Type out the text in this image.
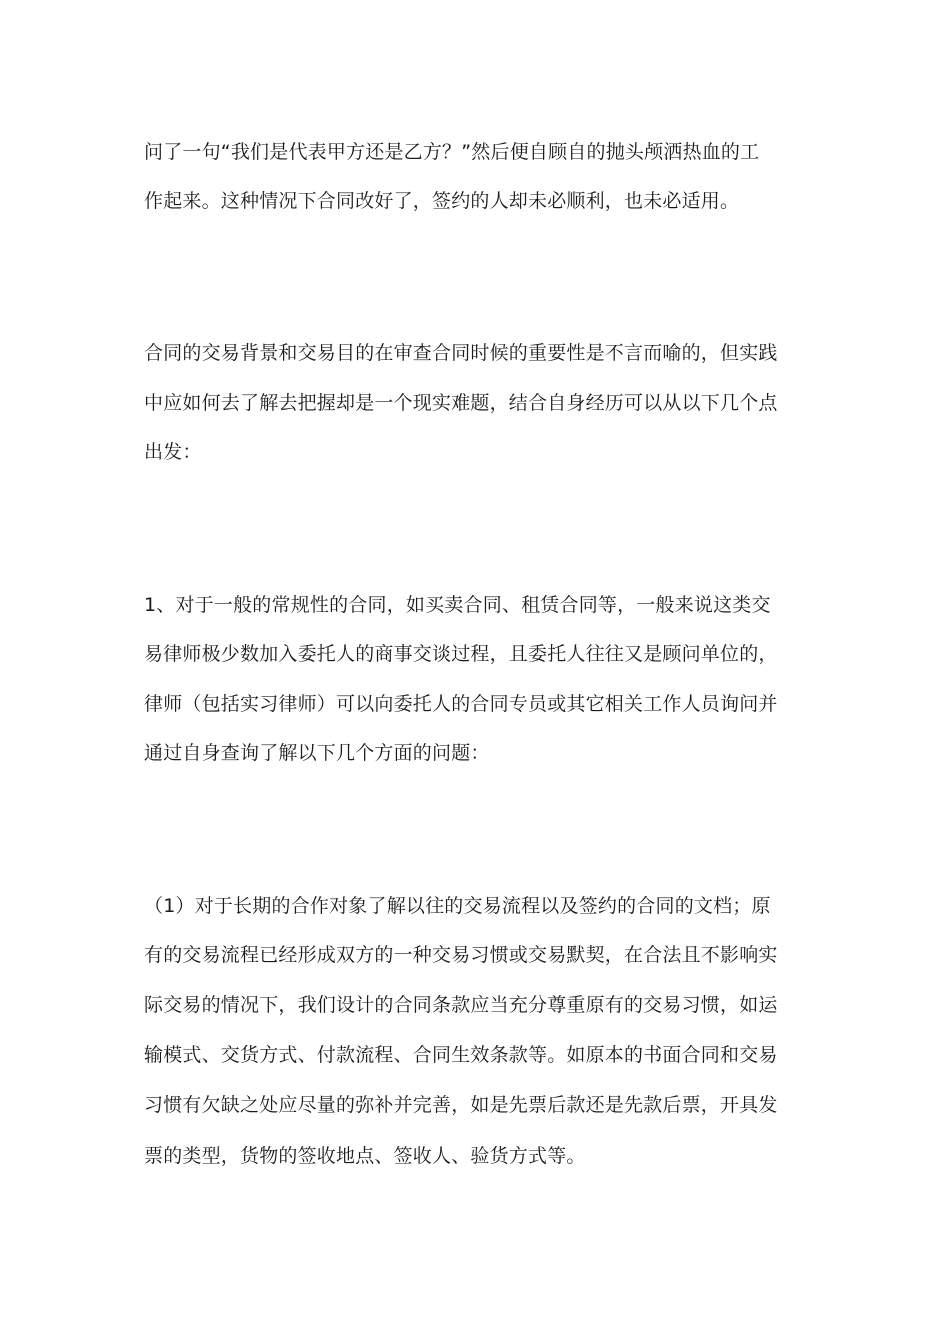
问了一句“我们是代表甲方还是乙方？”然后便自顾自的抛头颅洒热血的工
作起来。这种情况下合同改好了，签约的人却未必顺利，也未必适用。
合同的交易背景和交易目的在审查合同时候的重要性是不言而喻的，但实践
中应如何去了解去把握却是一个现实难题，结合自身经历可以从以下几个点
出发：
1、对于一般的常规性的合同，如买卖合同、租赁合同等，一般来说这类交
易律师极少数加入委托人的商事交谈过程，且委托人往往又是顾问单位的，
律师（包括实习律师）可以向委托人的合同专员或其它相关工作人员询问并
通过自身查询了解以下几个方面的问题：
（1）对于长期的合作对象了解以往的交易流程以及签约的合同的文档；原
有的交易流程已经形成双方的一种交易习惯或交易默契，在合法且不影响实
际交易的情况下，我们设计的合同条款应当充分尊重原有的交易习惯，如运
输模式、交货方式、付款流程、合同生效条款等。如原本的书面合同和交易
习惯有欠缺之处应尽量的弥补并完善，如是先票后款还是先款后票，开具发
票的类型，货物的签收地点、签收人、验货方式等。
